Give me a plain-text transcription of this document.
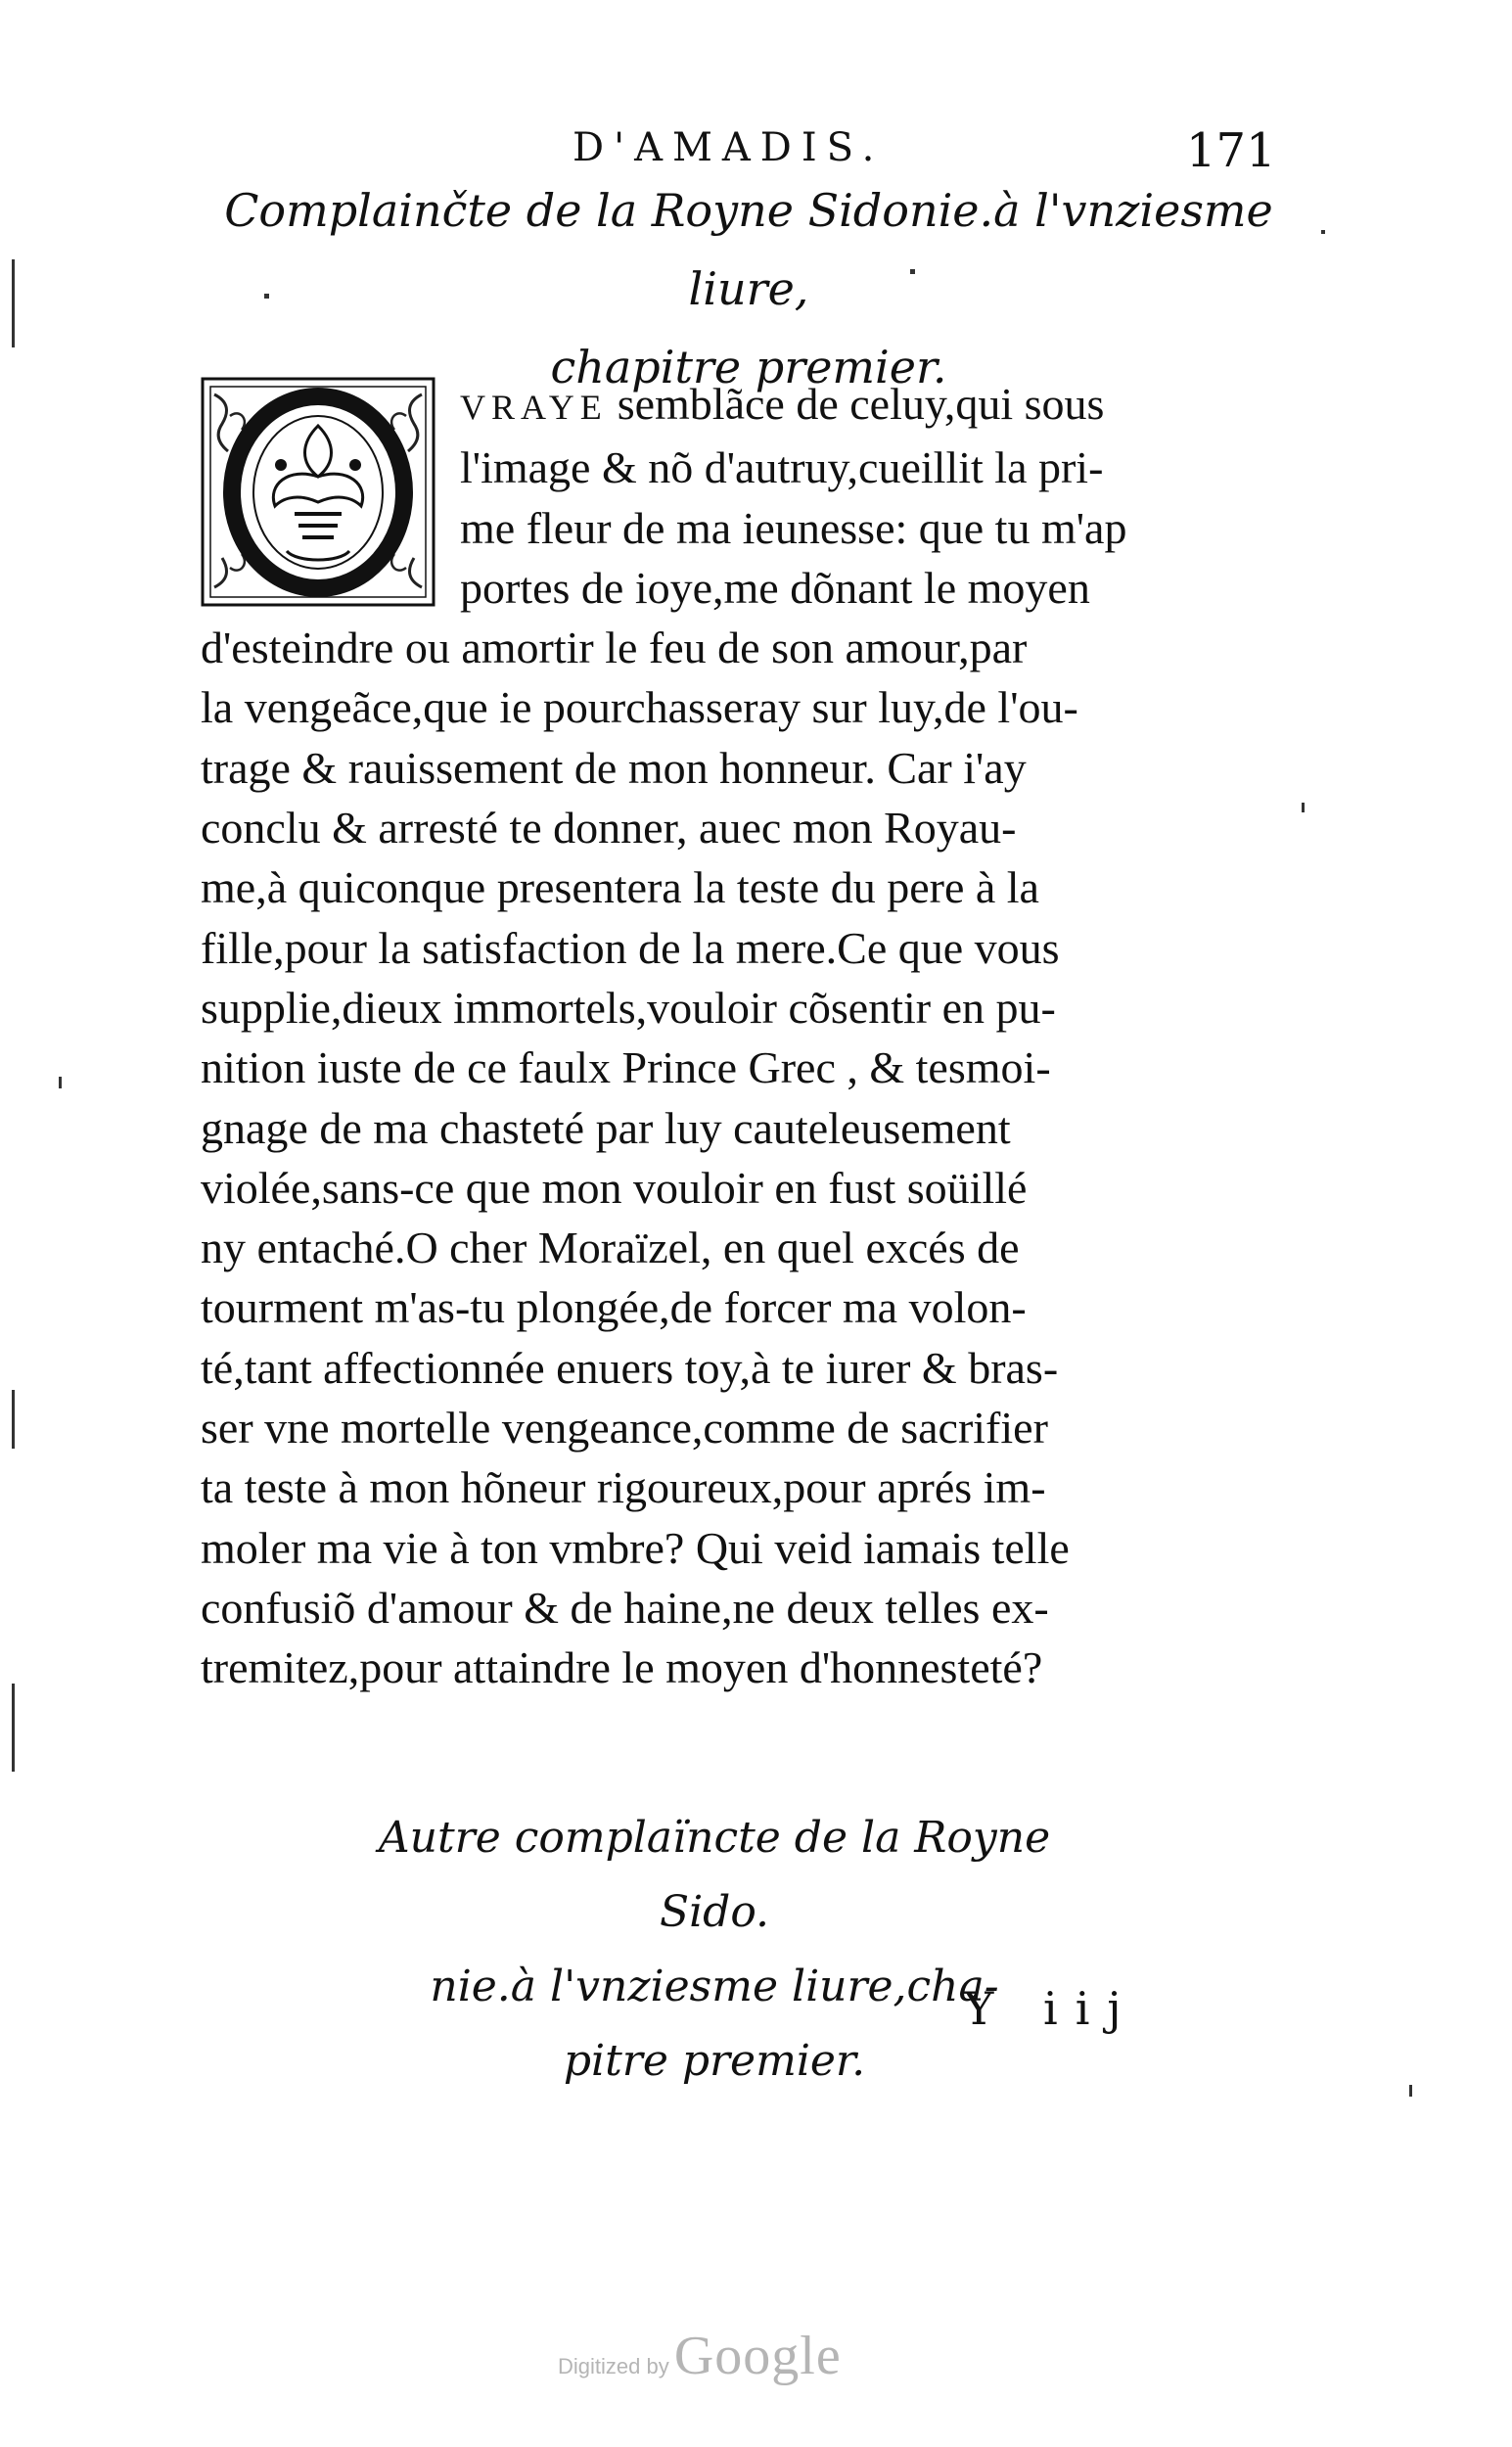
D'AMADIS.	171
Complainčte de la Royne Sidonie.à l'vnziesme liure,
chapitre premier.
VRAYE semblãce de celuy,qui sous
l'image & nõ d'autruy,cueillit la pri-
me fleur de ma ieunesse: que tu m'ap
portes de ioye,me dõnant le moyen
d'esteindre ou amortir le feu de son amour,par
la vengeãce,que ie pourchasseray sur luy,de l'ou-
trage & rauissement de mon honneur. Car i'ay
conclu & arresté te donner, auec mon Royau-
me,à quiconque presentera la teste du pere à la
fille,pour la satisfaction de la mere.Ce que vous
supplie,dieux immortels,vouloir cõsentir en pu-
nition iuste de ce faulx Prince Grec , & tesmoi-
gnage de ma chasteté par luy cauteleusement
violée,sans-ce que mon vouloir en fust soüillé
ny entaché.O cher Moraïzel, en quel excés de
tourment m'as-tu plongée,de forcer ma volon-
té,tant affectionnée enuers toy,à te iurer & bras-
ser vne mortelle vengeance,comme de sacrifier
ta teste à mon hõneur rigoureux,pour aprés im-
moler ma vie à ton vmbre? Qui veid iamais telle
confusiõ d'amour & de haine,ne deux telles ex-
tremitez,pour attaindre le moyen d'honnesteté?
Autre complaïncte de la Royne Sido.
nie.à l'vnziesme liure,cha-
pitre premier.
Y iij
Digitized by Google
